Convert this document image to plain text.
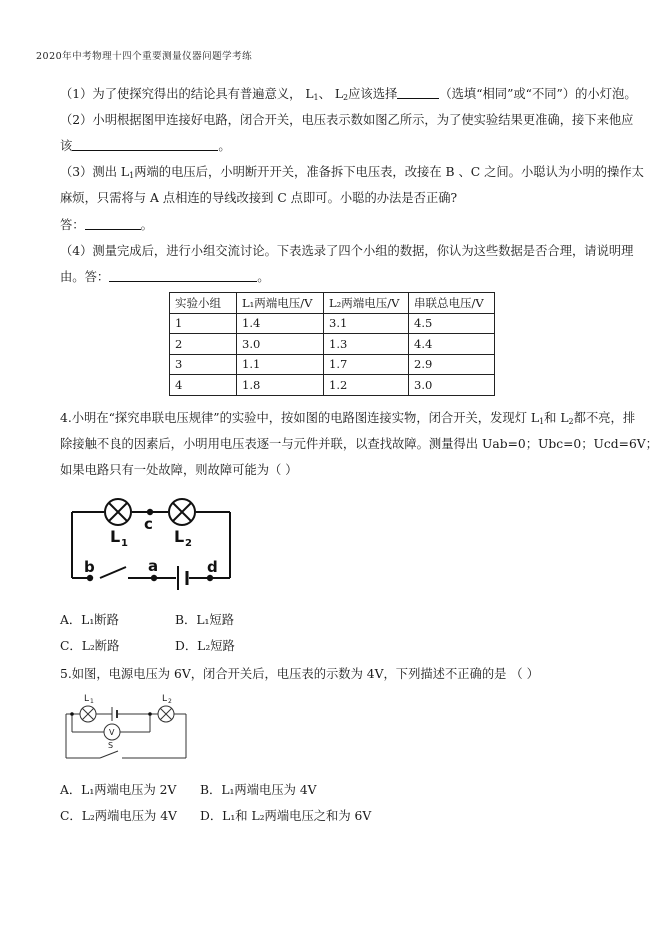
2020年中考物理十四个重要测量仪器问题学考练
（1）为了使探究得出的结论具有普遍意义， $L_1$、 $L_2$应该选择	（选填“相同”或“不同”）的小灯泡。
（2）小明根据图甲连接好电路，闭合开关，电压表示数如图乙所示，为了使实验结果更准确，接下来他应
该	。
（3）测出 $L_1$两端的电压后，小明断开开关，准备拆下电压表，改接在 B 、C 之间。小聪认为小明的操作太
麻烦，只需将与 A 点相连的导线改接到 C 点即可。小聪的办法是否正确?
答：	。
（4）测量完成后，进行小组交流讨论。下表选录了四个小组的数据，你认为这些数据是否合理，请说明理
由。答：	。
实验小组	L₁两端电压/V	L₂两端电压/V	串联总电压/V
1	1.4	3.1	4.5
2	3.0	1.3	4.4
3	1.1	1.7	2.9
4	1.8	1.2	3.0
4.小明在“探究串联电压规律”的实验中，按如图的电路图连接实物，闭合开关，发现灯 $L_1$和 $L_2$都不亮，排
除接触不良的因素后，小明用电压表逐一与元件并联，以查找故障。测量得出 Uab=0；Ubc=0；Ucd=6V；
如果电路只有一处故障，则故障可能为（ ）
c
b	a	d
L 1	L 2
A．L₁断路	B．L₁短路
C．L₂断路	D．L₂短路
5.如图，电源电压为 6V，闭合开关后，电压表的示数为 4V，下列描述不正确的是 （ ）
L 1	L 2
V
S
A．L₁两端电压为 2V B．L₁两端电压为 4V
C．L₂两端电压为 4V D．L₁和 L₂两端电压之和为 6V
